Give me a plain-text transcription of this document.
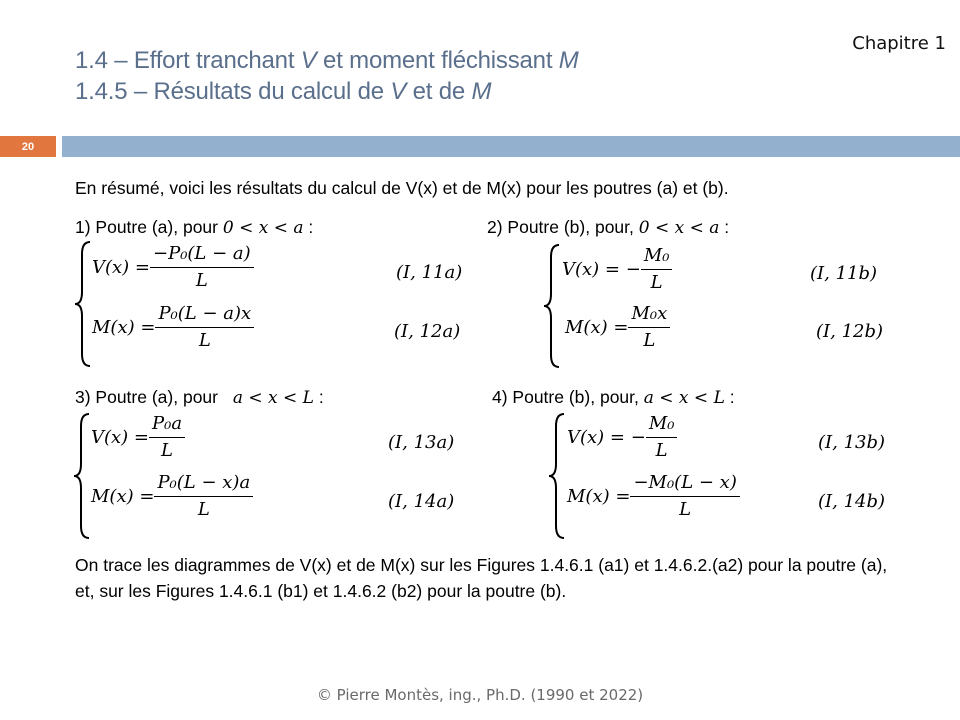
Chapitre 1
1.4 – Effort tranchant V et moment fléchissant M
1.4.5 – Résultats du calcul de V et de M
20
En résumé, voici les résultats du calcul de V(x) et de M(x) pour les poutres (a) et (b).
1) Poutre (a), pour 0 < x < a :
$V(x) = \frac{\text{−P₀(L − a)}}{L}$	(I, 11a)
$M(x) = \frac{\text{P₀(L − a)x}}{L}$	(I, 12a)
2) Poutre (b), pour, 0 < x < a :
V(x) = − $\frac{\text{M₀}}{L}$	(I, 11b)
$M(x) = \frac{\text{M₀x}}{L}$	(I, 12b)
3) Poutre (a), pour a < x < L :
$V(x) = \frac{\text{P₀a}}{L}$	(I, 13a)
$M(x) = \frac{\text{P₀(L − x)a}}{L}$	(I, 14a)
4) Poutre (b), pour, a < x < L :
V(x) = − $\frac{\text{M₀}}{L}$	(I, 13b)
$M(x) = \frac{\text{−M₀(L − x)}}{L}$	(I, 14b)
On trace les diagrammes de V(x) et de M(x) sur les Figures 1.4.6.1 (a1) et 1.4.6.2.(a2) pour la poutre (a), et, sur les Figures 1.4.6.1 (b1) et 1.4.6.2 (b2) pour la poutre (b).
© Pierre Montès, ing., Ph.D. (1990 et 2022)
